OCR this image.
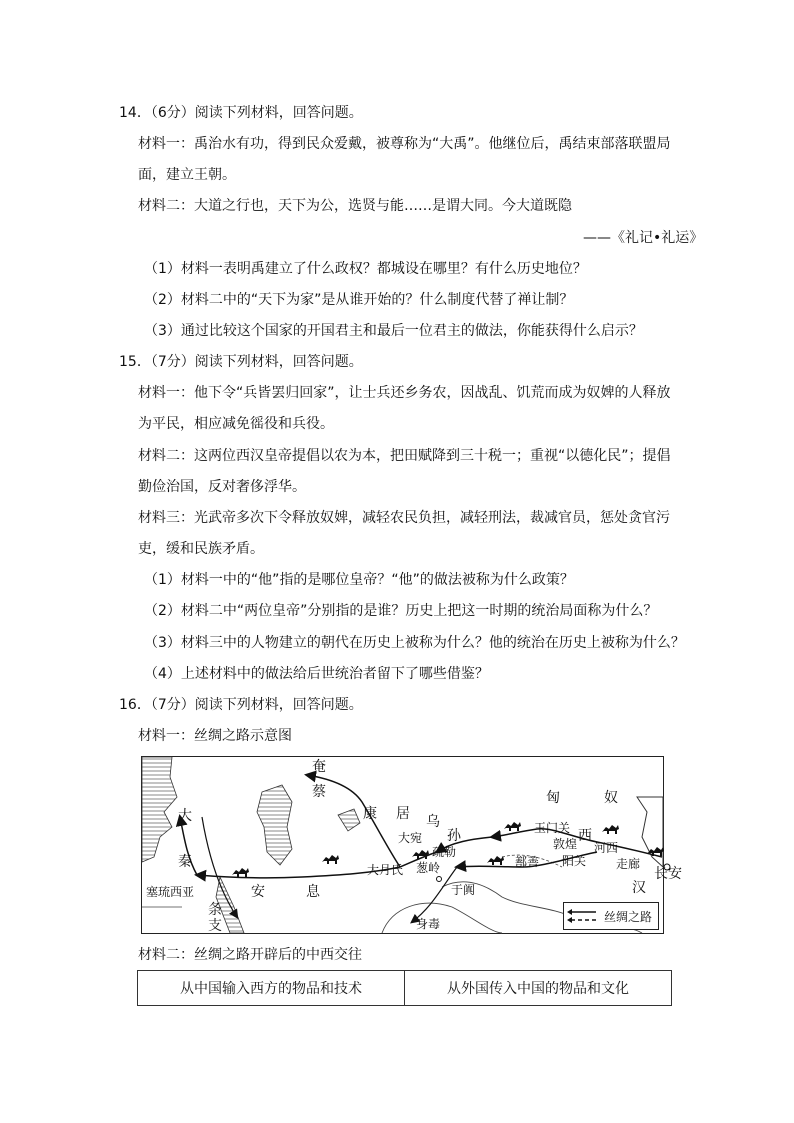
14．（6分）阅读下列材料，回答问题。
材料一：禹治水有功，得到民众爱戴，被尊称为“大禹”。他继位后，禹结束部落联盟局
面，建立王朝。
材料二：大道之行也，天下为公，选贤与能……是谓大同。今大道既隐
——《礼记•礼运》
（1）材料一表明禹建立了什么政权？都城设在哪里？有什么历史地位？
（2）材料二中的“天下为家”是从谁开始的？什么制度代替了禅让制？
（3）通过比较这个国家的开国君主和最后一位君主的做法，你能获得什么启示？
15．（7分）阅读下列材料，回答问题。
材料一：他下令“兵皆罢归回家”，让士兵还乡务农，因战乱、饥荒而成为奴婢的人释放
为平民，相应减免徭役和兵役。
材料二：这两位西汉皇帝提倡以农为本，把田赋降到三十税一；重视“以德化民”；提倡
勤俭治国，反对奢侈浮华。
材料三：光武帝多次下令释放奴婢，减轻农民负担，减轻刑法，裁减官员，惩处贪官污
吏，缓和民族矛盾。
（1）材料一中的“他”指的是哪位皇帝？“他”的做法被称为什么政策？
（2）材料二中“两位皇帝”分别指的是谁？历史上把这一时期的统治局面称为什么？
（3）材料三中的人物建立的朝代在历史上被称为什么？他的统治在历史上被称为什么？
（4）上述材料中的做法给后世统治者留下了哪些借鉴？
16．（7分）阅读下列材料，回答问题。
材料一：丝绸之路示意图
奄
蔡
大
秦
康 居 乌
孙
匈	奴
西
大宛
疏勒
玉门关
敦煌 河西
走廊
阳关
鄯善
葱岭
大月氏
于阗
长安
汉
塞琉西亚	安	息
条
支	身毒	丝绸之路
材料二：丝绸之路开辟后的中西交往
从中国输入西方的物品和技术	从外国传入中国的物品和文化
